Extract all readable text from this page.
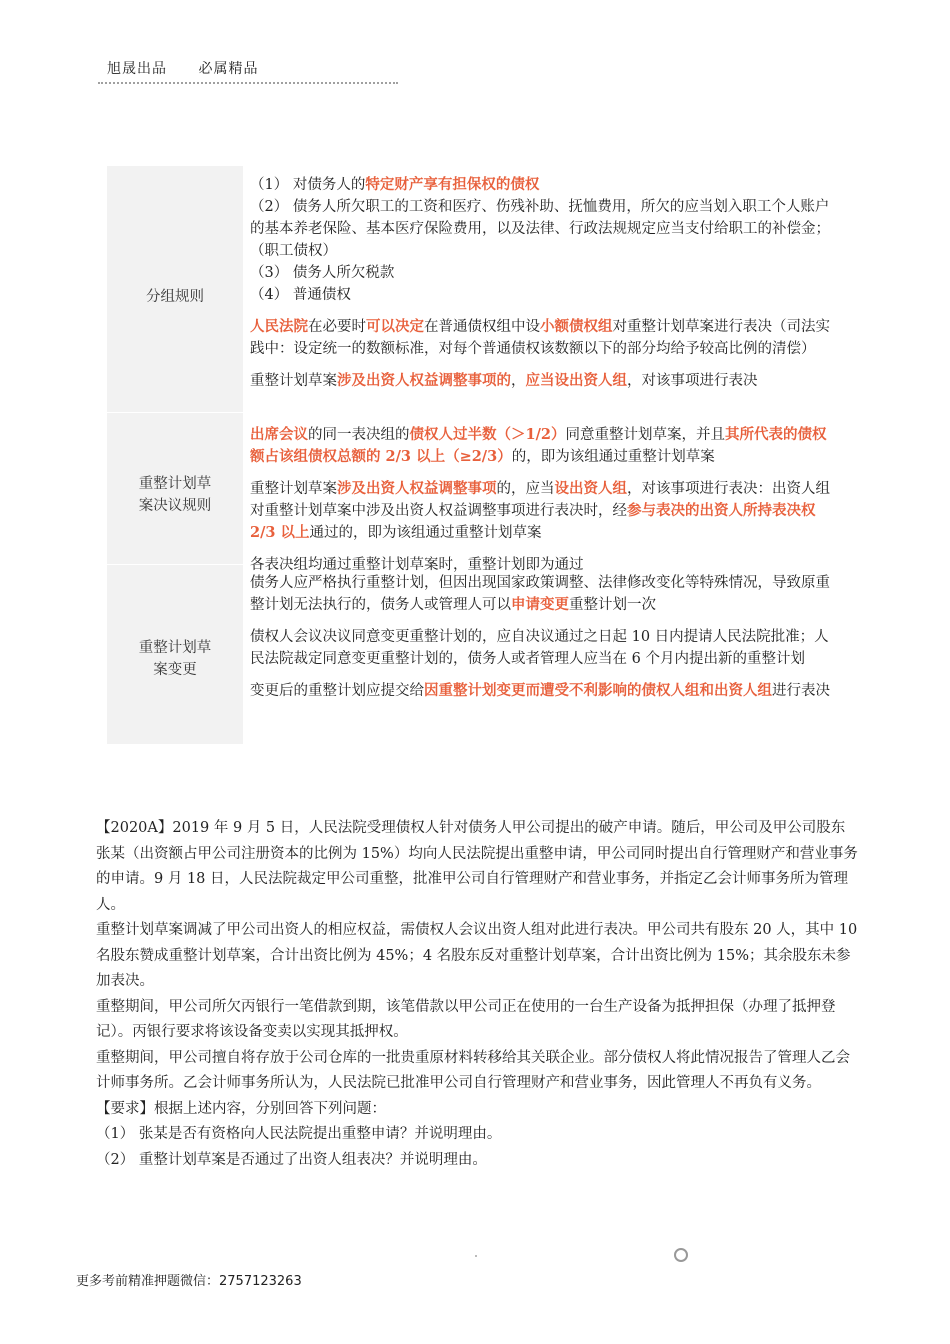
旭晟出品 必属精品
分组规则
重整计划草案决议规则
重整计划草案变更

（1） 对债务人的特定财产享有担保权的债权

（2） 债务人所欠职工的工资和医疗、伤残补助、抚恤费用，所欠的应当划入职工个人账户的基本养老保险、基本医疗保险费用，以及法律、行政法规规定应当支付给职工的补偿金；（职工债权）

（3） 债务人所欠税款

（4） 普通债权

人民法院在必要时可以决定在普通债权组中设小额债权组对重整计划草案进行表决（司法实践中：设定统一的数额标准，对每个普通债权该数额以下的部分均给予较高比例的清偿）

重整计划草案涉及出资人权益调整事项的，应当设出资人组，对该事项进行表决

出席会议的同一表决组的债权人过半数（＞1/2）同意重整计划草案，并且其所代表的债权额占该组债权总额的 2/3 以上（≥2/3）的，即为该组通过重整计划草案

重整计划草案涉及出资人权益调整事项的，应当设出资人组，对该事项进行表决：出资人组对重整计划草案中涉及出资人权益调整事项进行表决时，经参与表决的出资人所持表决权 2/3 以上通过的，即为该组通过重整计划草案

各表决组均通过重整计划草案时，重整计划即为通过

债务人应严格执行重整计划，但因出现国家政策调整、法律修改变化等特殊情况，导致原重整计划无法执行的，债务人或管理人可以申请变更重整计划一次

债权人会议决议同意变更重整计划的，应自决议通过之日起 10 日内提请人民法院批准；人民法院裁定同意变更重整计划的，债务人或者管理人应当在 6 个月内提出新的重整计划

变更后的重整计划应提交给因重整计划变更而遭受不利影响的债权人组和出资人组进行表决

【2020A】2019 年 9 月 5 日，人民法院受理债权人针对债务人甲公司提出的破产申请。随后，甲公司及甲公司股东张某（出资额占甲公司注册资本的比例为 15%）均向人民法院提出重整申请，甲公司同时提出自行管理财产和营业事务的申请。9 月 18 日，人民法院裁定甲公司重整，批准甲公司自行管理财产和营业事务，并指定乙会计师事务所为管理人。

重整计划草案调减了甲公司出资人的相应权益，需债权人会议出资人组对此进行表决。甲公司共有股东 20 人，其中 10 名股东赞成重整计划草案，合计出资比例为 45%；4 名股东反对重整计划草案，合计出资比例为 15%；其余股东未参加表决。

重整期间，甲公司所欠丙银行一笔借款到期，该笔借款以甲公司正在使用的一台生产设备为抵押担保（办理了抵押登记）。丙银行要求将该设备变卖以实现其抵押权。

重整期间，甲公司擅自将存放于公司仓库的一批贵重原材料转移给其关联企业。部分债权人将此情况报告了管理人乙会计师事务所。乙会计师事务所认为，人民法院已批准甲公司自行管理财产和营业事务，因此管理人不再负有义务。

【要求】根据上述内容，分别回答下列问题：

（1） 张某是否有资格向人民法院提出重整申请？并说明理由。

（2） 重整计划草案是否通过了出资人组表决？并说明理由。

更多考前精准押题微信：2757123263
